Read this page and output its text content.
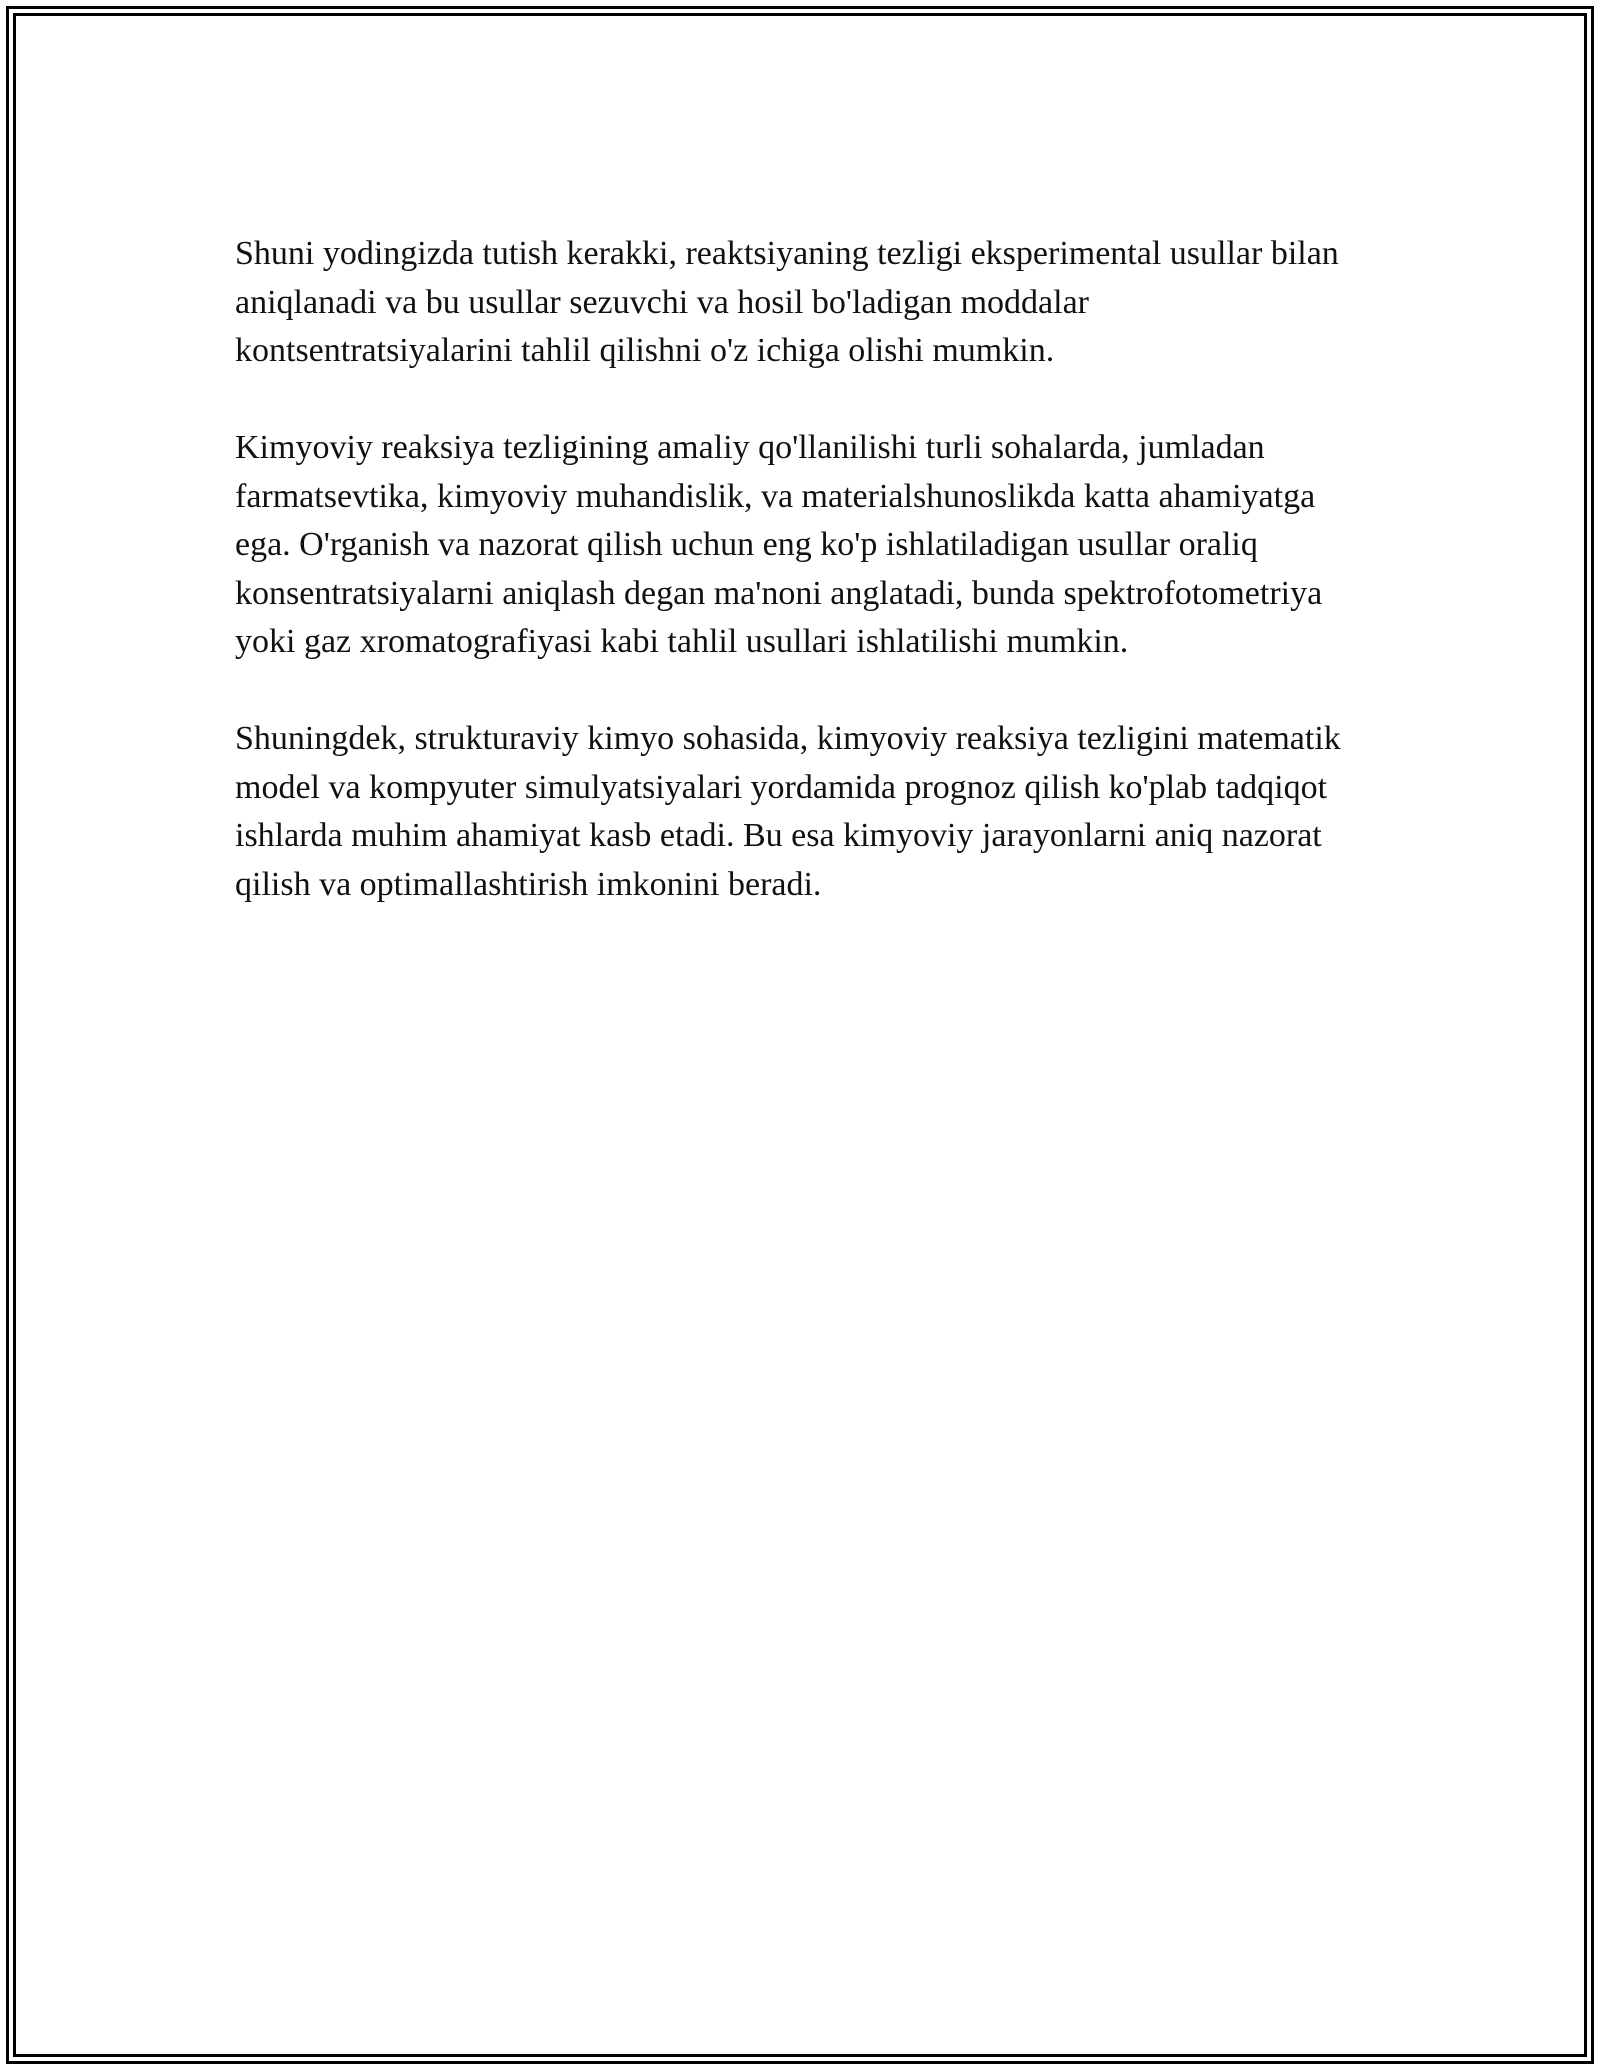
Shuni yodingizda tutish kerakki, reaktsiyaning tezligi eksperimental usullar bilan aniqlanadi va bu usullar sezuvchi va hosil bo'ladigan moddalar kontsentratsiyalarini tahlil qilishni o'z ichiga olishi mumkin.

Kimyoviy reaksiya tezligining amaliy qo'llanilishi turli sohalarda, jumladan farmatsevtika, kimyoviy muhandislik, va materialshunoslikda katta ahamiyatga ega. O'rganish va nazorat qilish uchun eng ko'p ishlatiladigan usullar oraliq konsentratsiyalarni aniqlash degan ma'noni anglatadi, bunda spektrofotometriya yoki gaz xromatografiyasi kabi tahlil usullari ishlatilishi mumkin.

Shuningdek, strukturaviy kimyo sohasida, kimyoviy reaksiya tezligini matematik model va kompyuter simulyatsiyalari yordamida prognoz qilish ko'plab tadqiqot ishlarda muhim ahamiyat kasb etadi. Bu esa kimyoviy jarayonlarni aniq nazorat qilish va optimallashtirish imkonini beradi.
